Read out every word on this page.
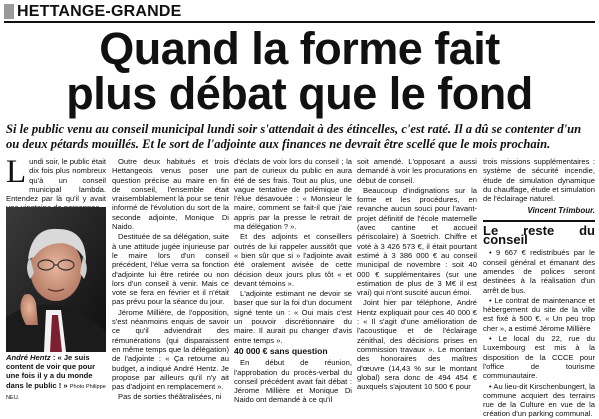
HETTANGE-GRANDE
Quand la forme fait
plus débat que le fond
Si le public venu au conseil municipal lundi soir s'attendait à des étincelles, c'est raté. Il a dû se contenter d'un ou deux pétards mouillés. Et le sort de l'adjointe aux finances ne devrait être scellé que le mois prochain.
Lundi soir, le public était dix fois plus nombreux qu'à un conseil municipal lambda. Entendez par là qu'il y avait
André Hentz : « Je suis content de voir que pour une fois il y a du monde dans le public ! » Photo Philippe NEU.

Outre deux habitués et trois Hettangeois venus poser une question précise au maire en fin de conseil, l'ensemble était vraisemblablement là pour se tenir informé de l'évolution du sort de la seconde adjointe, Monique Di Naido.

Destituée de sa délégation, suite à une attitude jugée injurieuse par le maire lors d'un conseil précédent, l'élue verra sa fonction d'adjointe lui être retirée ou non lors d'un conseil à venir. Mais ce vote se fera en février et il n'était pas prévu pour la séance du jour.

Jérome Millière, de l'opposition, s'est néanmoins enquis de savoir ce qu'il adviendrait des rémunérations (qui disparaissent en même temps que la délégation) de l'adjointe : « Ça retourne au budget, a indiqué André Hentz. Je propose par ailleurs qu'il n'y ait pas d'adjoint en remplacement ».

Pas de sorties théâtralisées, ni

d'éclats de voix lors du conseil ; la part de curieux du public en aura été de ses frais. Tout au plus, une vague tentative de polémique de l'élue désavouée : « Monsieur le maire, comment se fait-il que j'aie appris par la presse le retrait de ma délégation ? ».

Et des adjoints et conseillers outrés de lui rappeler aussitôt que « bien sûr que si » l'adjointe avait été oralement avisée de cette décision deux jours plus tôt « et devant témoins ».

L'adjointe estimant ne devoir se baser que sur la foi d'un document signé tente un : « Oui mais c'est un pouvoir discrétionnaire du maire. Il aurait pu changer d'avis entre temps ».

40 000 € sans question

En début de réunion, l'approbation du procès-verbal du conseil précédent avait fait débat : Jérome Millière et Monique Di Naido ont demandé à ce qu'il

soit amendé. L'opposant a aussi demandé à voir les procurations en début de conseil.

Beaucoup d'indignations sur la forme et les procédures, en revanche aucun souci pour l'avant-projet définitif de l'école maternelle (avec cantine et accueil périscolaire) à Soetrich. Chiffre et voté à 3 426 573 €, il était pourtant estimé à 3 386 000 € au conseil municipal de novembre : soit 40 000 € supplémentaires (sur une estimation de plus de 3 M€ il est vrai) qui n'ont suscité aucun émoi.

Joint hier par téléphone, André Hentz expliquait pour ces 40 000 € : « Il s'agit d'une amélioration de l'acoustique et de l'éclairage zénithal, des décisions prises en commission travaux ». Le montant des honoraires des maîtres d'œuvre (14,43 % sur le montant global) sera donc de 494 454 € auxquels s'ajoutent 10 500 € pour

trois missions supplémentaires : système de sécurité incendie, étude de simulation dynamique du chauffage, étude et simulation de l'éclairage naturel.

Vincent Trimbour.
Le reste du conseil

• 9 667 € redistribués par le conseil général et émanant des amendes de polices seront destinées à la réalisation d'un arrêt de bus.

• Le contrat de maintenance et hébergement du site de la ville est fixé à 500 €. « Un peu trop cher », a estimé Jérome Millière

• Le local du 22, rue du Luxembourg est mis à la disposition de la CCCE pour l'office de tourisme communautaire.

• Au lieu-dit Kirschenbungert, la commune acquiert des terrains rue de la Culture en vue de la création d'un parking communal.
